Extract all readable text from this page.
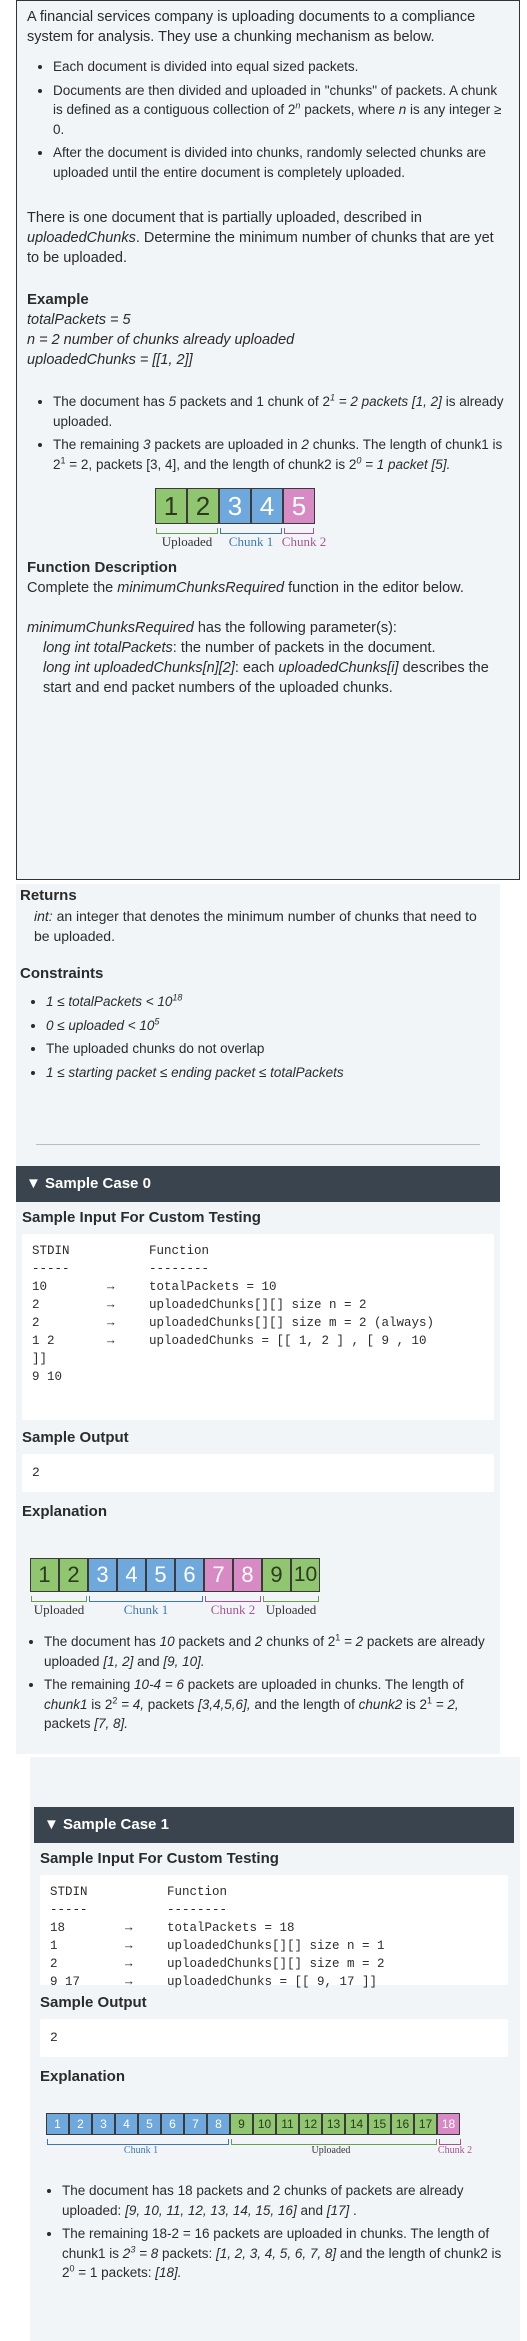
A financial services company is uploading documents to a compliance system for analysis. They use a chunking mechanism as below.

• Each document is divided into equal sized packets.
• Documents are then divided and uploaded in "chunks" of packets. A chunk is defined as a contiguous collection of 2$^n$ packets, where n is any integer ≥ 0.
• After the document is divided into chunks, randomly selected chunks are uploaded until the entire document is completely uploaded.

There is one document that is partially uploaded, described in uploadedChunks. Determine the minimum number of chunks that are yet to be uploaded.

Example

totalPackets = 5

n = 2 number of chunks already uploaded

uploadedChunks = [[1, 2]]

• The document has 5 packets and 1 chunk of $2^1 = 2$ packets [1, 2] is already uploaded.
• The remaining 3 packets are uploaded in 2 chunks. The length of chunk1 is $2^1 = 2$, packets [3, 4], and the length of chunk2 is $2^0 = 1$ packet [5].
1 2 3 4 5
Uploaded	Chunk 1 Chunk 2
Function Description

Complete the minimumChunksRequired function in the editor below.

minimumChunksRequired has the following parameter(s):

long int totalPackets: the number of packets in the document.

long int uploadedChunks[n][2]: each uploadedChunks[i] describes the start and end packet numbers of the uploaded chunks.

Returns

int: an integer that denotes the minimum number of chunks that need to be uploaded.

Constraints
• 1 ≤ totalPackets < $10^{18}$
• 0 ≤ uploaded < $10^5$
• The uploaded chunks do not overlap
• 1 ≤ starting packet ≤ ending packet ≤ totalPackets
▼ Sample Case 0
Sample Input For Custom Testing
STDIN	Function
-----	--------
10	→	totalPackets = 10
2	→	uploadedChunks[][] size n = 2
2	→	uploadedChunks[][] size m = 2 (always)
1 2	→	uploadedChunks = [[ 1, 2 ] , [ 9 , 10
]]
9 10
Sample Output
2
Explanation
1 2 3 4 5 6 7 8 9 10
Uploaded	Chunk 1	Chunk 2 Uploaded
• The document has 10 packets and 2 chunks of $2^1 = 2$ packets are already uploaded [1, 2] and [9, 10].
• The remaining 10-4 = 6 packets are uploaded in chunks. The length of chunk1 is $2^2 = 4$, packets [3,4,5,6], and the length of chunk2 is $2^1 = 2$, packets [7, 8].
▼ Sample Case 1
Sample Input For Custom Testing
STDIN	Function
-----	--------
18	→	totalPackets = 18
1	→	uploadedChunks[][] size n = 1
2	→	uploadedChunks[][] size m = 2
9 17	→	uploadedChunks = [[ 9, 17 ]]
Sample Output
2
Explanation
1	2	3	4	5	6	7	8	9	10 11 12 13 14 15 16 17 18
Chunk 1	Uploaded	Chunk 2
• The document has 18 packets and 2 chunks of packets are already uploaded: [9, 10, 11, 12, 13, 14, 15, 16] and [17] .
• The remaining 18-2 = 16 packets are uploaded in chunks. The length of chunk1 is $2^3 = 8$ packets: [1, 2, 3, 4, 5, 6, 7, 8] and the length of chunk2 is $2^0 = 1$ packets: [18].
